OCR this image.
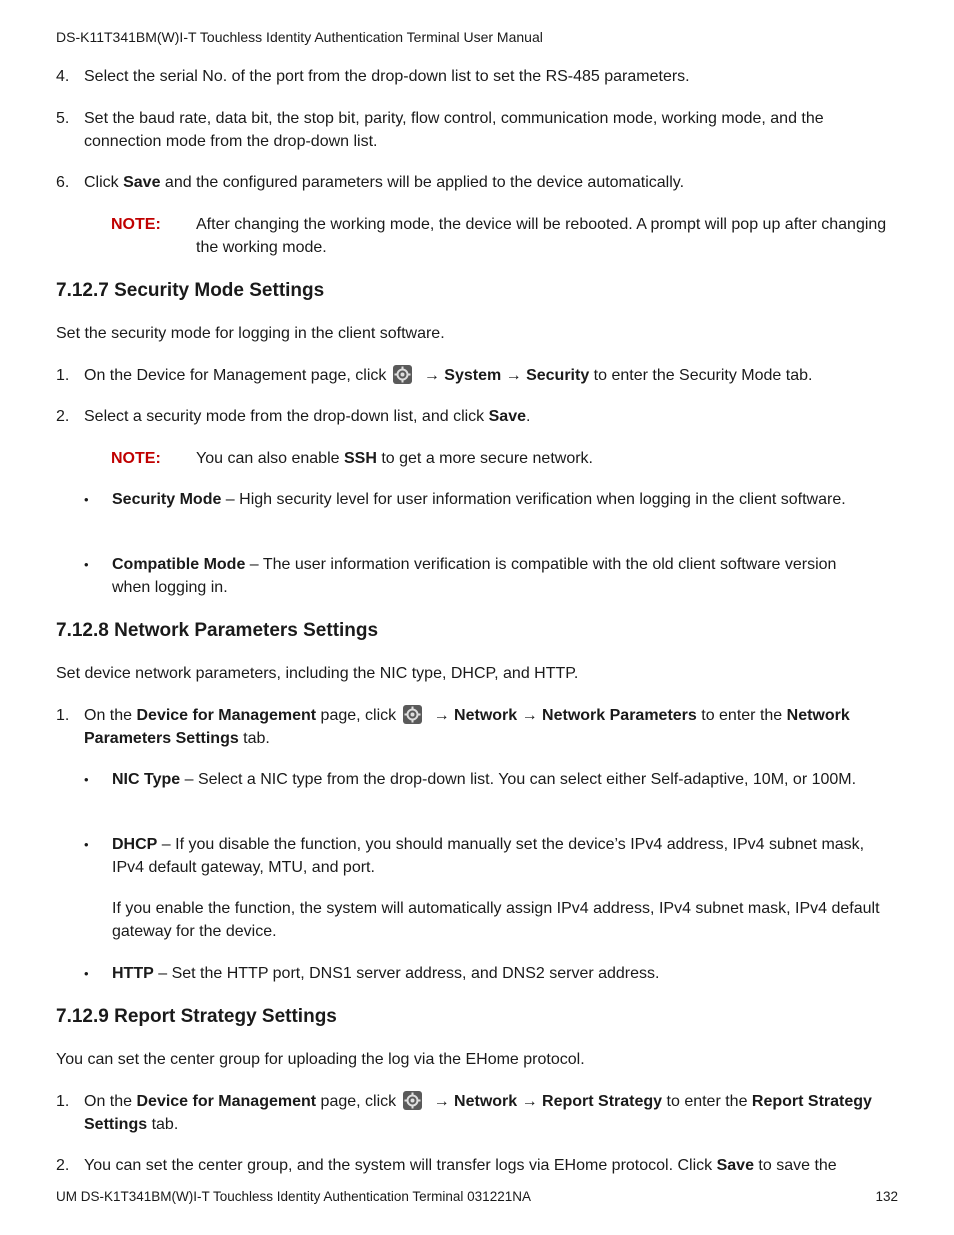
DS-K11T341BM(W)I-T Touchless Identity Authentication Terminal User Manual
4. Select the serial No. of the port from the drop-down list to set the RS-485 parameters.
5. Set the baud rate, data bit, the stop bit, parity, flow control, communication mode, working mode, and the connection mode from the drop-down list.
6. Click Save and the configured parameters will be applied to the device automatically.
NOTE: After changing the working mode, the device will be rebooted. A prompt will pop up after changing the working mode.
7.12.7 Security Mode Settings
Set the security mode for logging in the client software.
1. On the Device for Management page, click
→ System → Security to enter the Security Mode tab.
2. Select a security mode from the drop-down list, and click Save.
NOTE: You can also enable SSH to get a more secure network.
• Security Mode – High security level for user information verification when logging in the client software.
• Compatible Mode – The user information verification is compatible with the old client software version when logging in.
7.12.8 Network Parameters Settings
Set device network parameters, including the NIC type, DHCP, and HTTP.
1. On the Device for Management page, click
→ Network → Network Parameters to enter the Network Parameters Settings tab.
• NIC Type – Select a NIC type from the drop-down list. You can select either Self-adaptive, 10M, or 100M.
• DHCP – If you disable the function, you should manually set the device’s IPv4 address, IPv4 subnet mask, IPv4 default gateway, MTU, and port.
If you enable the function, the system will automatically assign IPv4 address, IPv4 subnet mask, IPv4 default gateway for the device.
• HTTP – Set the HTTP port, DNS1 server address, and DNS2 server address.
7.12.9 Report Strategy Settings
You can set the center group for uploading the log via the EHome protocol.
1. On the Device for Management page, click
→ Network → Report Strategy to enter the Report Strategy Settings tab.
2. You can set the center group, and the system will transfer logs via EHome protocol. Click Save to save the
UM DS-K1T341BM(W)I-T Touchless Identity Authentication Terminal 031221NA	132
